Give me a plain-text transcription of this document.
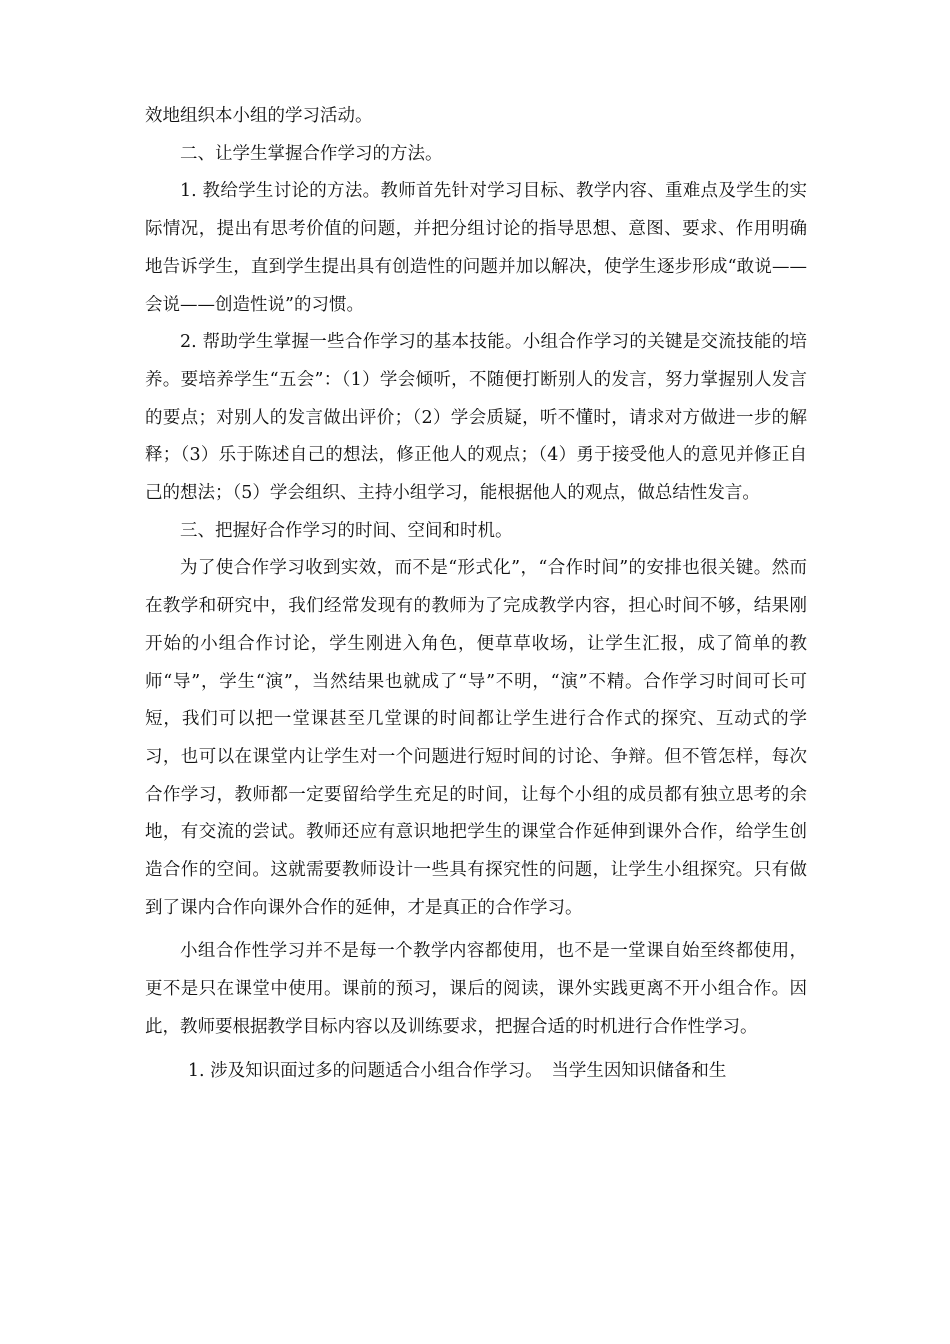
效地组织本小组的学习活动。

二、让学生掌握合作学习的方法。

1. 教给学生讨论的方法。教师首先针对学习目标、教学内容、重难点及学生的实际情况，提出有思考价值的问题，并把分组讨论的指导思想、意图、要求、作用明确地告诉学生，直到学生提出具有创造性的问题并加以解决，使学生逐步形成“敢说—— 会说——创造性说”的习惯。

2. 帮助学生掌握一些合作学习的基本技能。小组合作学习的关键是交流技能的培养。要培养学生“五会”：（1）学会倾听，不随便打断别人的发言，努力掌握别人发言的要点；对别人的发言做出评价；（2）学会质疑，听不懂时，请求对方做进一步的解释；（3）乐于陈述自己的想法，修正他人的观点；（4）勇于接受他人的意见并修正自己的想法；（5）学会组织、主持小组学习，能根据他人的观点，做总结性发言。

三、把握好合作学习的时间、空间和时机。

为了使合作学习收到实效，而不是“形式化”，“合作时间”的安排也很关键。然而在教学和研究中，我们经常发现有的教师为了完成教学内容，担心时间不够，结果刚开始的小组合作讨论，学生刚进入角色，便草草收场，让学生汇报，成了简单的教师“导”，学生“演”，当然结果也就成了“导”不明，“演”不精。合作学习时间可长可短，我们可以把一堂课甚至几堂课的时间都让学生进行合作式的探究、互动式的学习，也可以在课堂内让学生对一个问题进行短时间的讨论、争辩。但不管怎样，每次合作学习，教师都一定要留给学生充足的时间，让每个小组的成员都有独立思考的余地，有交流的尝试。教师还应有意识地把学生的课堂合作延伸到课外合作，给学生创造合作的空间。这就需要教师设计一些具有探究性的问题，让学生小组探究。只有做到了课内合作向课外合作的延伸，才是真正的合作学习。

小组合作性学习并不是每一个教学内容都使用，也不是一堂课自始至终都使用，更不是只在课堂中使用。课前的预习，课后的阅读，课外实践更离不开小组合作。因此，教师要根据教学目标内容以及训练要求，把握合适的时机进行合作性学习。

1. 涉及知识面过多的问题适合小组合作学习。　当学生因知识储备和生
